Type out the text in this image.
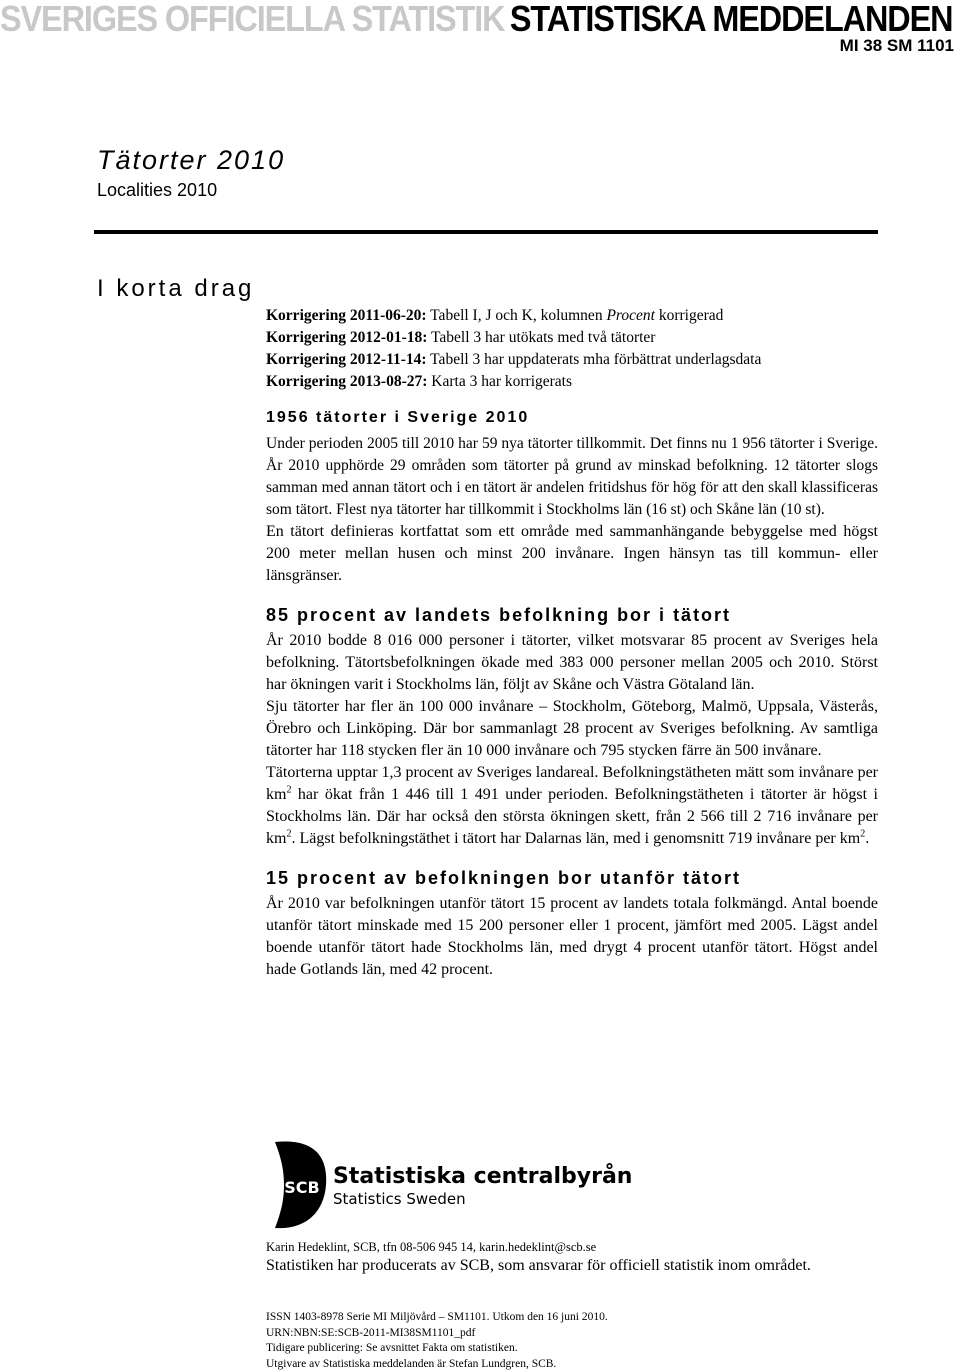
SVERIGES OFFICIELLA STATISTIK STATISTISKA MEDDELANDEN
MI 38 SM 1101
Tätorter 2010
Localities 2010
I korta drag
Korrigering 2011-06-20: Tabell I, J och K, kolumnen Procent korrigerad
Korrigering 2012-01-18: Tabell 3 har utökats med två tätorter
Korrigering 2012-11-14: Tabell 3 har uppdaterats mha förbättrat underlagsdata
Korrigering 2013-08-27: Karta 3 har korrigerats
1956 tätorter i Sverige 2010

Under perioden 2005 till 2010 har 59 nya tätorter tillkommit. Det finns nu 1 956 tätorter i Sverige. År 2010 upphörde 29 områden som tätorter på grund av minskad befolkning. 12 tätorter slogs samman med annan tätort och i en tätort är andelen fritidshus för hög för att den skall klassificeras som tätort. Flest nya tätorter har tillkommit i Stockholms län (16 st) och Skåne län (10 st).

En tätort definieras kortfattat som ett område med sammanhängande bebyggelse med högst 200 meter mellan husen och minst 200 invånare. Ingen hänsyn tas till kommun- eller länsgränser.

85 procent av landets befolkning bor i tätort

År 2010 bodde 8 016 000 personer i tätorter, vilket motsvarar 85 procent av Sveriges hela befolkning. Tätortsbefolkningen ökade med 383 000 personer mellan 2005 och 2010. Störst har ökningen varit i Stockholms län, följt av Skåne och Västra Götaland län.

Sju tätorter har fler än 100 000 invånare – Stockholm, Göteborg, Malmö, Uppsala, Västerås, Örebro och Linköping. Där bor sammanlagt 28 procent av Sveriges befolkning. Av samtliga tätorter har 118 stycken fler än 10 000 invånare och 795 stycken färre än 500 invånare.

Tätorterna upptar 1,3 procent av Sveriges landareal. Befolkningstätheten mätt som invånare per $km^2$ har ökat från 1 446 till 1 491 under perioden. Befolkningstätheten i tätorter är högst i Stockholms län. Där har också den största ökningen skett, från 2 566 till 2 716 invånare per $km^2$. Lägst befolkningstäthet i tätort har Dalarnas län, med i genomsnitt 719 invånare per $km^2$.

15 procent av befolkningen bor utanför tätort

År 2010 var befolkningen utanför tätort 15 procent av landets totala folkmängd. Antal boende utanför tätort minskade med 15 200 personer eller 1 procent, jämfört med 2005. Lägst andel boende utanför tätort hade Stockholms län, med drygt 4 procent utanför tätort. Högst andel hade Gotlands län, med 42 procent.

SCB Statistiska centralbyrån
Statistics Sweden
Karin Hedeklint, SCB, tfn 08-506 945 14, karin.hedeklint@scb.se
Statistiken har producerats av SCB, som ansvarar för officiell statistik inom området.
ISSN 1403-8978 Serie MI Miljövård – SM1101. Utkom den 16 juni 2010.
URN:NBN:SE:SCB-2011-MI38SM1101_pdf
Tidigare publicering: Se avsnittet Fakta om statistiken.
Utgivare av Statistiska meddelanden är Stefan Lundgren, SCB.
